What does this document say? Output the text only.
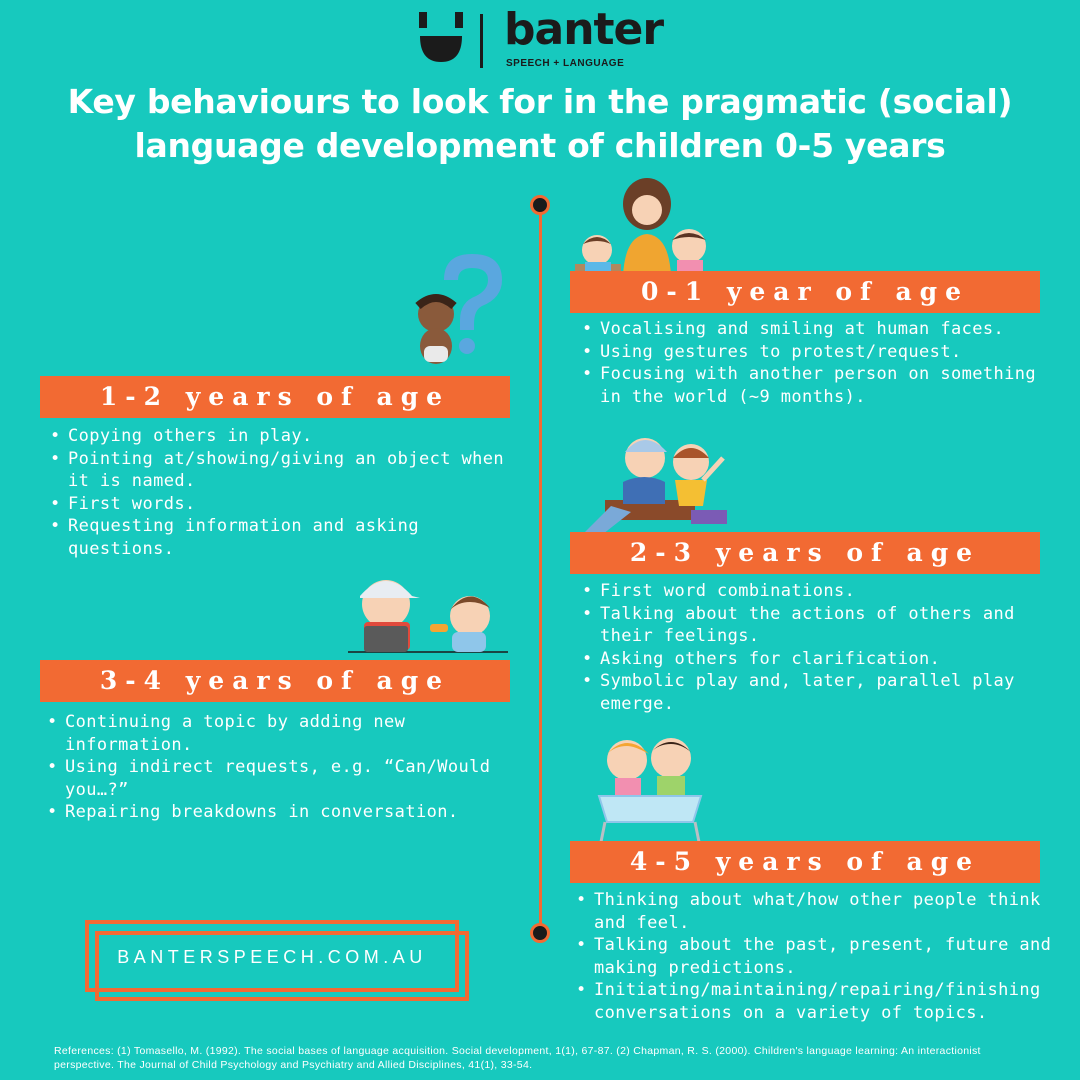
banter
SPEECH + LANGUAGE
Key behaviours to look for in the pragmatic (social)
language development of children 0-5 years
0-1 year of age
• Vocalising and smiling at human faces.
• Using gestures to protest/request.
• Focusing with another person on something in the world (~9 months).
1-2 years of age
• Copying others in play.
• Pointing at/showing/giving an object when it is named.
• First words.
• Requesting information and asking questions.	2-3 years of age
• First word combinations.
• Talking about the actions of others and their feelings.
• Asking others for clarification.
• Symbolic play and, later, parallel play emerge.
3-4 years of age
• Continuing a topic by adding new information.
• Using indirect requests, e.g. “Can/Would you…?”
• Repairing breakdowns in conversation.
4-5 years of age
• Thinking about what/how other people think and feel.
• Talking about the past, present, future and making predictions.
• Initiating/maintaining/repairing/finishing conversations on a variety of topics.
BANTERSPEECH.COM.AU
References: (1) Tomasello, M. (1992). The social bases of language acquisition. Social development, 1(1), 67-87. (2) Chapman, R. S. (2000). Children's language learning: An interactionist perspective. The Journal of Child Psychology and Psychiatry and Allied Disciplines, 41(1), 33-54.
